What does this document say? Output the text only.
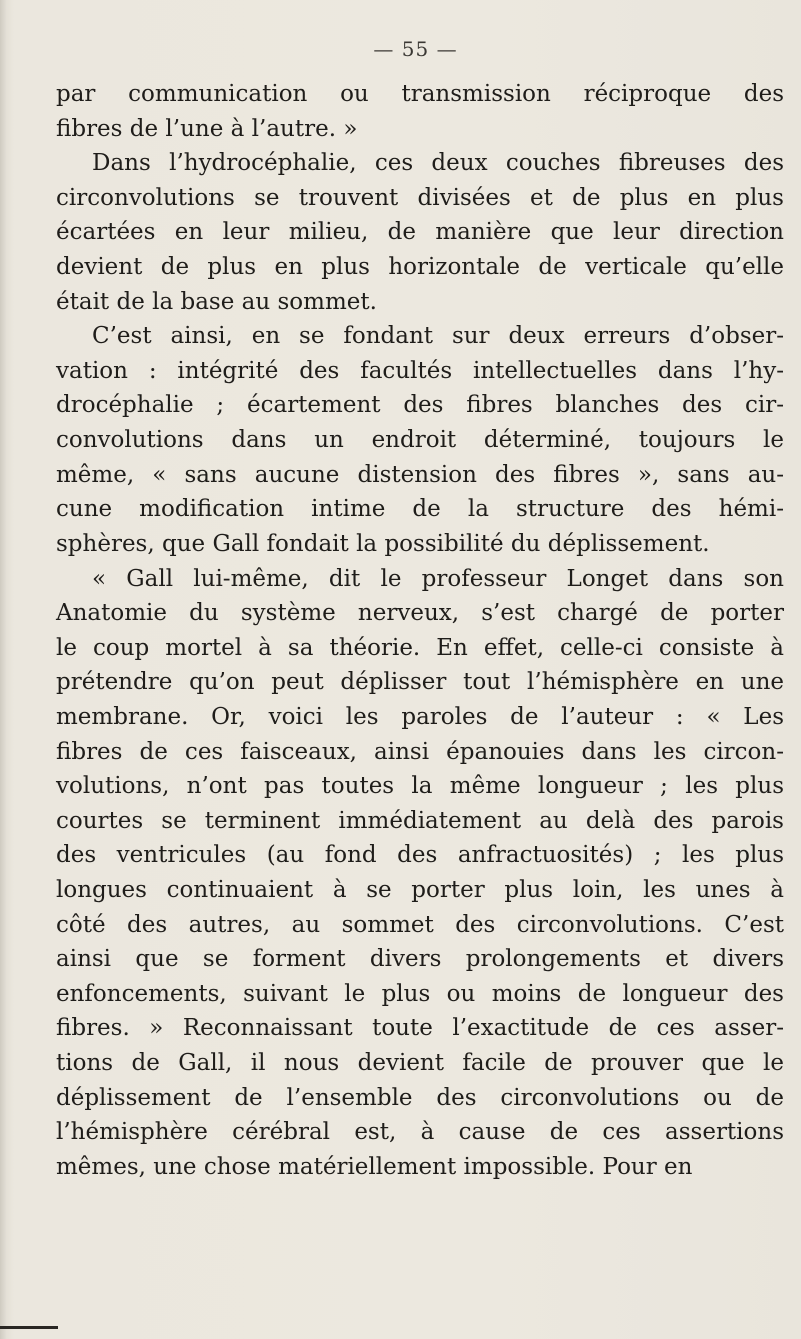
— 55 —
par communication ou transmission réciproque des
fibres de l’une à l’autre. »
Dans l’hydrocéphalie, ces deux couches fibreuses des
circonvolutions se trouvent divisées et de plus en plus
écartées en leur milieu, de manière que leur direction
devient de plus en plus horizontale de verticale qu’elle
était de la base au sommet.
C’est ainsi, en se fondant sur deux erreurs d’obser-
vation : intégrité des facultés intellectuelles dans l’hy-
drocéphalie ; écartement des fibres blanches des cir-
convolutions dans un endroit déterminé, toujours le
même, « sans aucune distension des fibres », sans au-
cune modification intime de la structure des hémi-
sphères, que Gall fondait la possibilité du déplissement.
« Gall lui-même, dit le professeur Longet dans son
Anatomie du système nerveux, s’est chargé de porter
le coup mortel à sa théorie. En effet, celle-ci consiste à
prétendre qu’on peut déplisser tout l’hémisphère en une
membrane. Or, voici les paroles de l’auteur : « Les
fibres de ces faisceaux, ainsi épanouies dans les circon-
volutions, n’ont pas toutes la même longueur ; les plus
courtes se terminent immédiatement au delà des parois
des ventricules (au fond des anfractuosités) ; les plus
longues continuaient à se porter plus loin, les unes à
côté des autres, au sommet des circonvolutions. C’est
ainsi que se forment divers prolongements et divers
enfoncements, suivant le plus ou moins de longueur des
fibres. » Reconnaissant toute l’exactitude de ces asser-
tions de Gall, il nous devient facile de prouver que le
déplissement de l’ensemble des circonvolutions ou de
l’hémisphère cérébral est, à cause de ces assertions
mêmes, une chose matériellement impossible. Pour en
